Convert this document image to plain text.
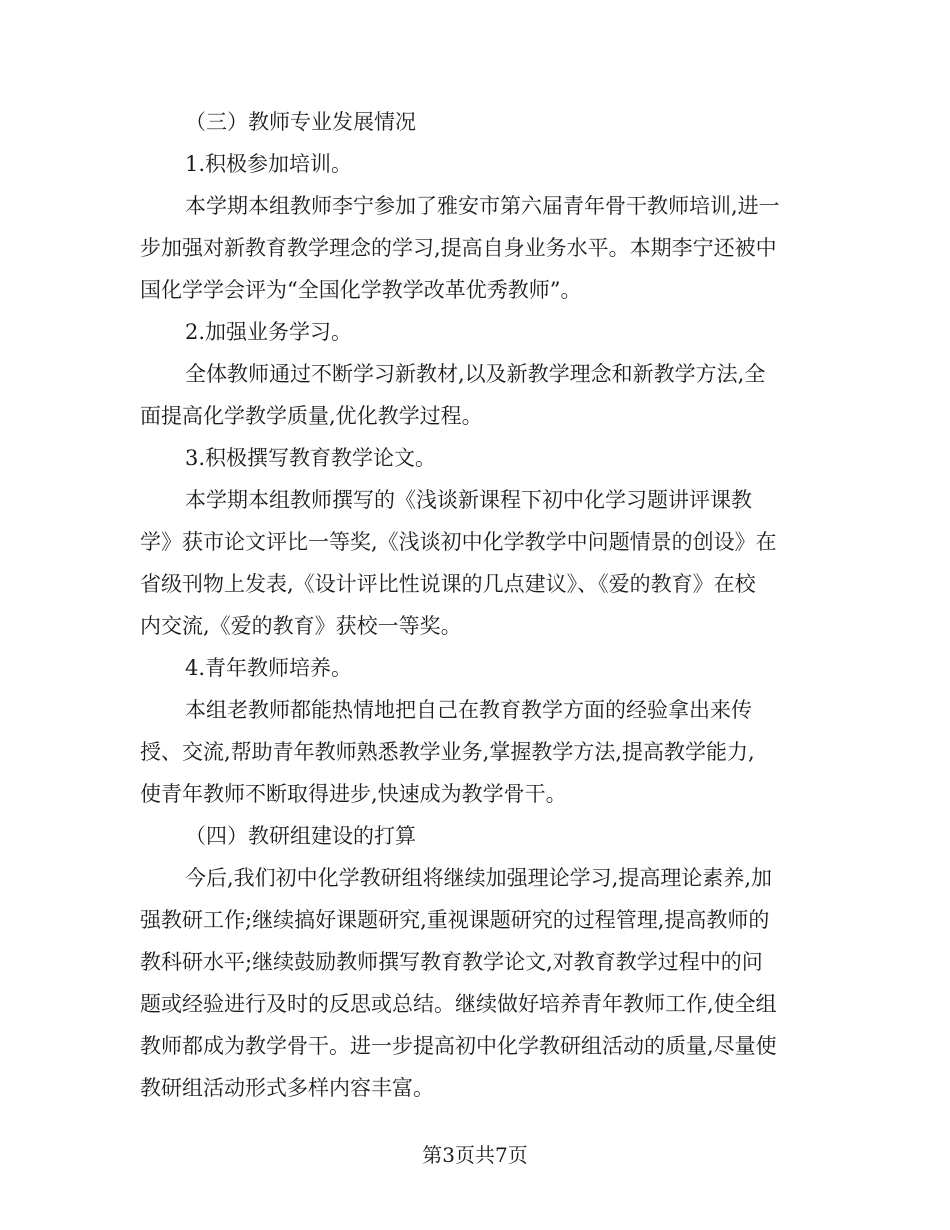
（三）教师专业发展情况
1.积极参加培训。
本学期本组教师李宁参加了雅安市第六届青年骨干教师培训,进一
步加强对新教育教学理念的学习,提高自身业务水平。本期李宁还被中
国化学学会评为“全国化学教学改革优秀教师”。
2.加强业务学习。
全体教师通过不断学习新教材,以及新教学理念和新教学方法,全
面提高化学教学质量,优化教学过程。
3.积极撰写教育教学论文。
本学期本组教师撰写的《浅谈新课程下初中化学习题讲评课教
学》获市论文评比一等奖,《浅谈初中化学教学中问题情景的创设》在
省级刊物上发表,《设计评比性说课的几点建议》、《爱的教育》在校
内交流,《爱的教育》获校一等奖。
4.青年教师培养。
本组老教师都能热情地把自己在教育教学方面的经验拿出来传
授、交流,帮助青年教师熟悉教学业务,掌握教学方法,提高教学能力,
使青年教师不断取得进步,快速成为教学骨干。
（四）教研组建设的打算
今后,我们初中化学教研组将继续加强理论学习,提高理论素养,加
强教研工作;继续搞好课题研究,重视课题研究的过程管理,提高教师的
教科研水平;继续鼓励教师撰写教育教学论文,对教育教学过程中的问
题或经验进行及时的反思或总结。继续做好培养青年教师工作,使全组
教师都成为教学骨干。进一步提高初中化学教研组活动的质量,尽量使
教研组活动形式多样内容丰富。
第3页共7页
